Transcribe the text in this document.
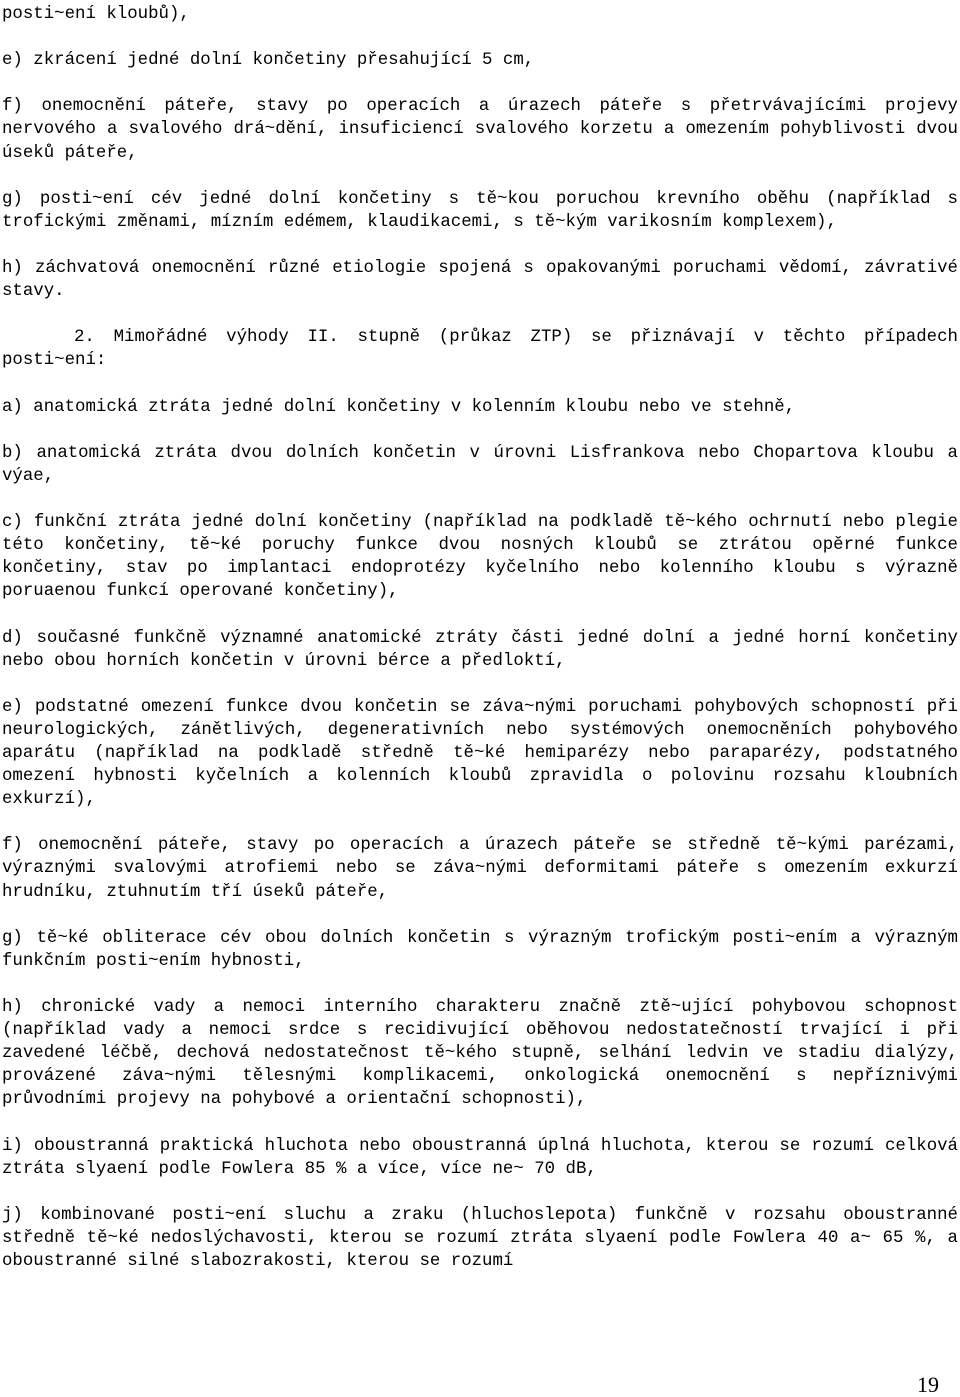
posti~ení kloubů),

e) zkrácení jedné dolní končetiny přesahující 5 cm,

f) onemocnění páteře, stavy po operacích a úrazech páteře s přetrvávajícími projevy nervového a svalového drá~dění, insuficiencí svalového korzetu a omezením pohyblivosti dvou úseků páteře,

g) posti~ení cév jedné dolní končetiny s tě~kou poruchou krevního oběhu (například s trofickými změnami, mízním edémem, klaudikacemi, s tě~kým varikosním komplexem),

h) záchvatová onemocnění různé etiologie spojená s opakovanými poruchami vědomí, závrativé stavy.

2. Mimořádné výhody II. stupně (průkaz ZTP) se přiznávají v těchto případech posti~ení:

a) anatomická ztráta jedné dolní končetiny v kolenním kloubu nebo ve stehně,

b) anatomická ztráta dvou dolních končetin v úrovni Lisfrankova nebo Chopartova kloubu a výae,

c) funkční ztráta jedné dolní končetiny (například na podkladě tě~kého ochrnutí nebo plegie této končetiny, tě~ké poruchy funkce dvou nosných kloubů se ztrátou opěrné funkce končetiny, stav po implantaci endoprotézy kyčelního nebo kolenního kloubu s výrazně poruaenou funkcí operované končetiny),

d) současné funkčně významné anatomické ztráty části jedné dolní a jedné horní končetiny nebo obou horních končetin v úrovni bérce a předloktí,

e) podstatné omezení funkce dvou končetin se záva~nými poruchami pohybových schopností při neurologických, zánětlivých, degenerativních nebo systémových onemocněních pohybového aparátu (například na podkladě středně tě~ké hemiparézy nebo paraparézy, podstatného omezení hybnosti kyčelních a kolenních kloubů zpravidla o polovinu rozsahu kloubních exkurzí),

f) onemocnění páteře, stavy po operacích a úrazech páteře se středně tě~kými parézami, výraznými svalovými atrofiemi nebo se záva~nými deformitami páteře s omezením exkurzí hrudníku, ztuhnutím tří úseků páteře,

g) tě~ké obliterace cév obou dolních končetin s výrazným trofickým posti~ením a výrazným funkčním posti~ením hybnosti,

h) chronické vady a nemoci interního charakteru značně ztě~ující pohybovou schopnost (například vady a nemoci srdce s recidivující oběhovou nedostatečností trvající i při zavedené léčbě, dechová nedostatečnost tě~kého stupně, selhání ledvin ve stadiu dialýzy, provázené záva~nými tělesnými komplikacemi, onkologická onemocnění s nepříznivými průvodními projevy na pohybové a orientační schopnosti),

i) oboustranná praktická hluchota nebo oboustranná úplná hluchota, kterou se rozumí celková ztráta slyaení podle Fowlera 85 % a více, více ne~ 70 dB,

j) kombinované posti~ení sluchu a zraku (hluchoslepota) funkčně v rozsahu oboustranné středně tě~ké nedoslýchavosti, kterou se rozumí ztráta slyaení podle Fowlera 40 a~ 65 %, a oboustranné silné slabozrakosti, kterou se rozumí

19
